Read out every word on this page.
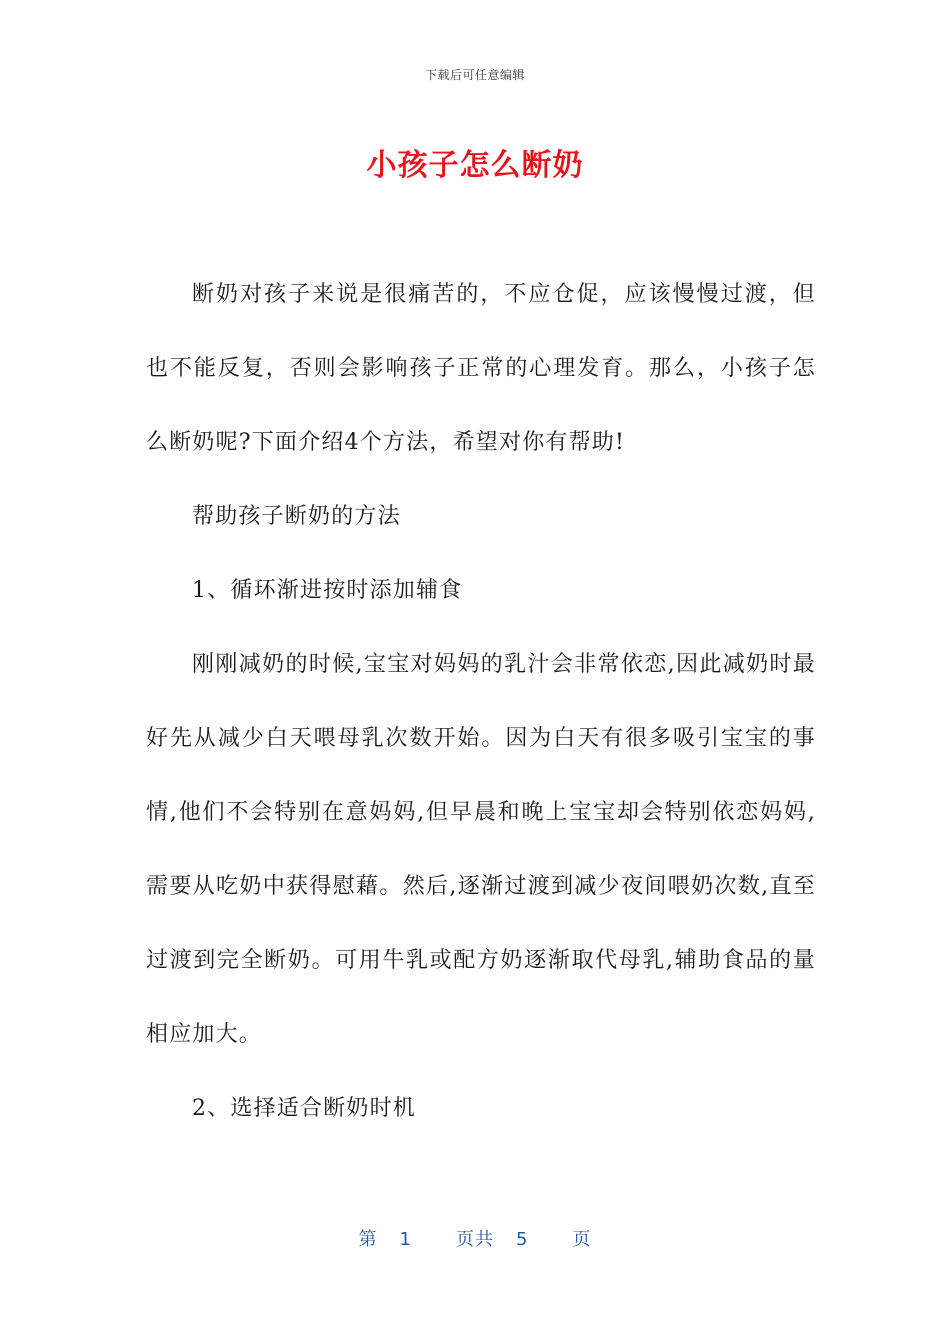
下载后可任意编辑
小孩子怎么断奶

断奶对孩子来说是很痛苦的，不应仓促，应该慢慢过渡，但也不能反复，否则会影响孩子正常的心理发育。那么，小孩子怎么断奶呢?下面介绍4个方法，希望对你有帮助!

帮助孩子断奶的方法

1、循环渐进按时添加辅食

刚刚减奶的时候,宝宝对妈妈的乳汁会非常依恋,因此减奶时最好先从减少白天喂母乳次数开始。因为白天有很多吸引宝宝的事情,他们不会特别在意妈妈,但早晨和晚上宝宝却会特别依恋妈妈,需要从吃奶中获得慰藉。然后,逐渐过渡到减少夜间喂奶次数,直至过渡到完全断奶。可用牛乳或配方奶逐渐取代母乳,辅助食品的量相应加大。

2、选择适合断奶时机

第 1 页共 5 页
